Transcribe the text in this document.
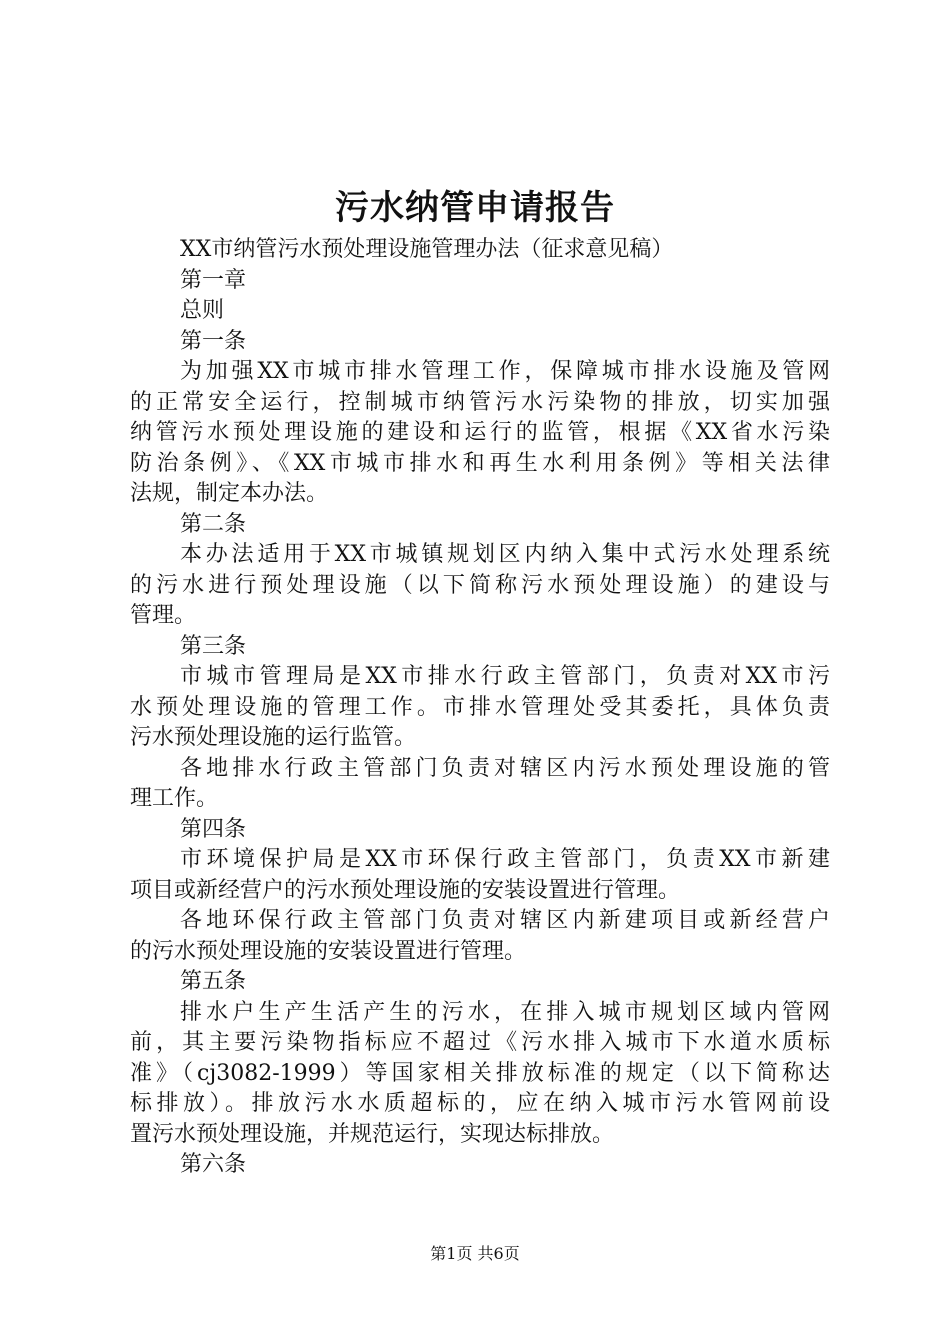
污水纳管申请报告
XX市纳管污水预处理设施管理办法（征求意见稿）
第一章
总则
第一条
为加强XX市城市排水管理工作，保障城市排水设施及管网
的正常安全运行，控制城市纳管污水污染物的排放，切实加强
纳管污水预处理设施的建设和运行的监管，根据《XX省水污染
防治条例》、《XX市城市排水和再生水利用条例》等相关法律
法规，制定本办法。
第二条
本办法适用于XX市城镇规划区内纳入集中式污水处理系统
的污水进行预处理设施（以下简称污水预处理设施）的建设与
管理。
第三条
市城市管理局是XX市排水行政主管部门，负责对XX市污
水预处理设施的管理工作。市排水管理处受其委托，具体负责
污水预处理设施的运行监管。
各地排水行政主管部门负责对辖区内污水预处理设施的管
理工作。
第四条
市环境保护局是XX市环保行政主管部门，负责XX市新建
项目或新经营户的污水预处理设施的安装设置进行管理。
各地环保行政主管部门负责对辖区内新建项目或新经营户
的污水预处理设施的安装设置进行管理。
第五条
排水户生产生活产生的污水，在排入城市规划区域内管网
前，其主要污染物指标应不超过《污水排入城市下水道水质标
准》（cj3082-1999）等国家相关排放标准的规定（以下简称达
标排放）。排放污水水质超标的，应在纳入城市污水管网前设
置污水预处理设施，并规范运行，实现达标排放。
第六条
第1页 共6页
